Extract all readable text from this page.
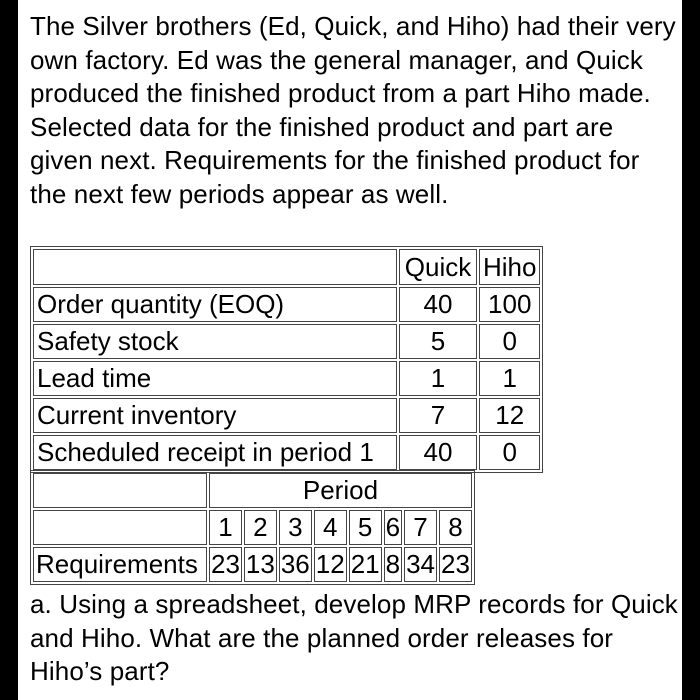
The Silver brothers (Ed, Quick, and Hiho) had their very own factory. Ed was the general manager, and Quick produced the finished product from a part Hiho made. Selected data for the finished product and part are given next. Requirements for the finished product for the next few periods appear as well.
	Quick	Hiho
Order quantity (EOQ)	40	100
Safety stock	5	0
Lead time	1	1
Current inventory	7	12
Scheduled receipt in period 1	40	0
	Period							
	1	2	3	4	5	6	7	8
Requirements	23	13	36	12	21	8	34	23
a. Using a spreadsheet, develop MRP records for Quick and Hiho. What are the planned order releases for Hiho’s part?
